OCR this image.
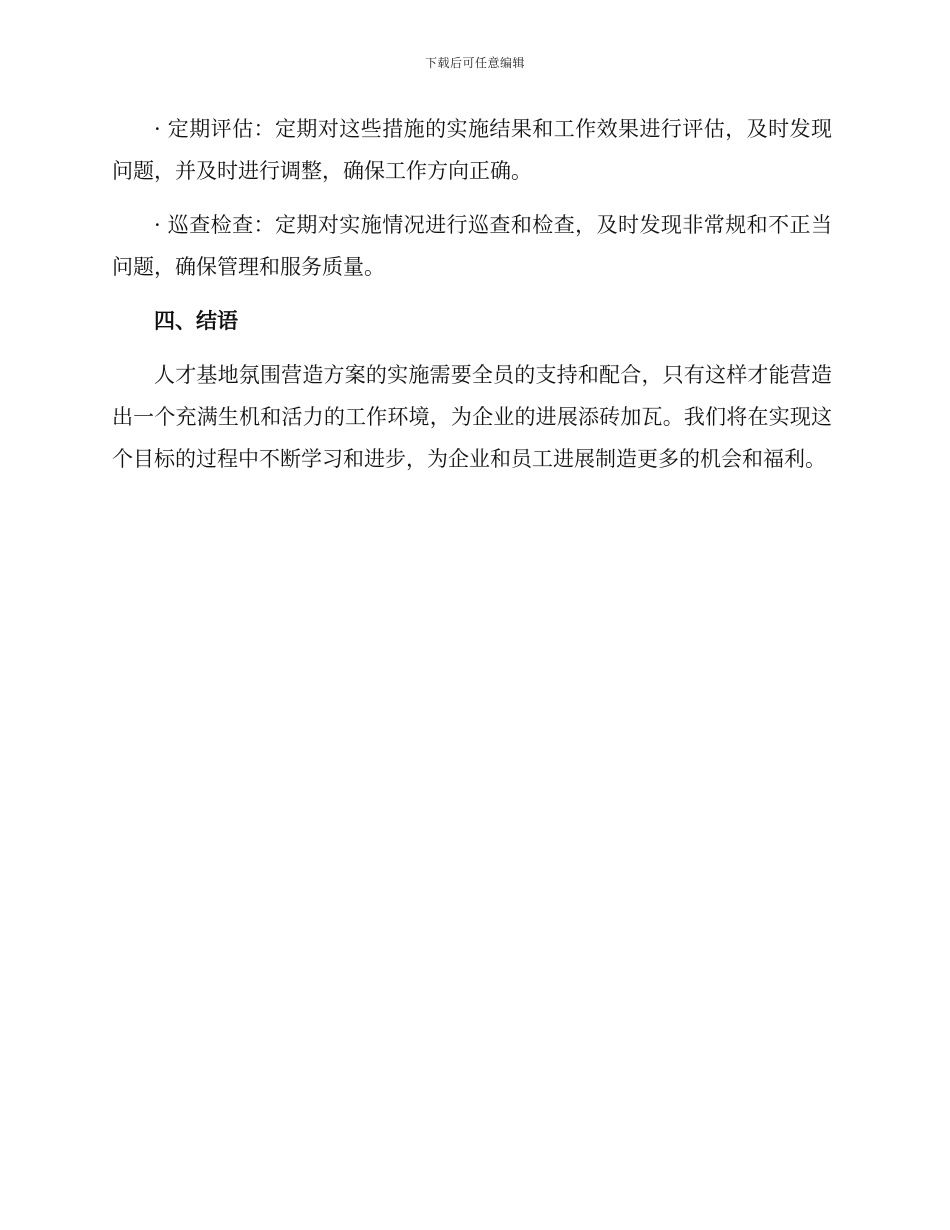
下载后可任意编辑

· 定期评估：定期对这些措施的实施结果和工作效果进行评估，及时发现问题，并及时进行调整，确保工作方向正确。

· 巡查检查：定期对实施情况进行巡查和检查，及时发现非常规和不正当问题，确保管理和服务质量。

四、结语

人才基地氛围营造方案的实施需要全员的支持和配合，只有这样才能营造出一个充满生机和活力的工作环境，为企业的进展添砖加瓦。我们将在实现这个目标的过程中不断学习和进步，为企业和员工进展制造更多的机会和福利。
